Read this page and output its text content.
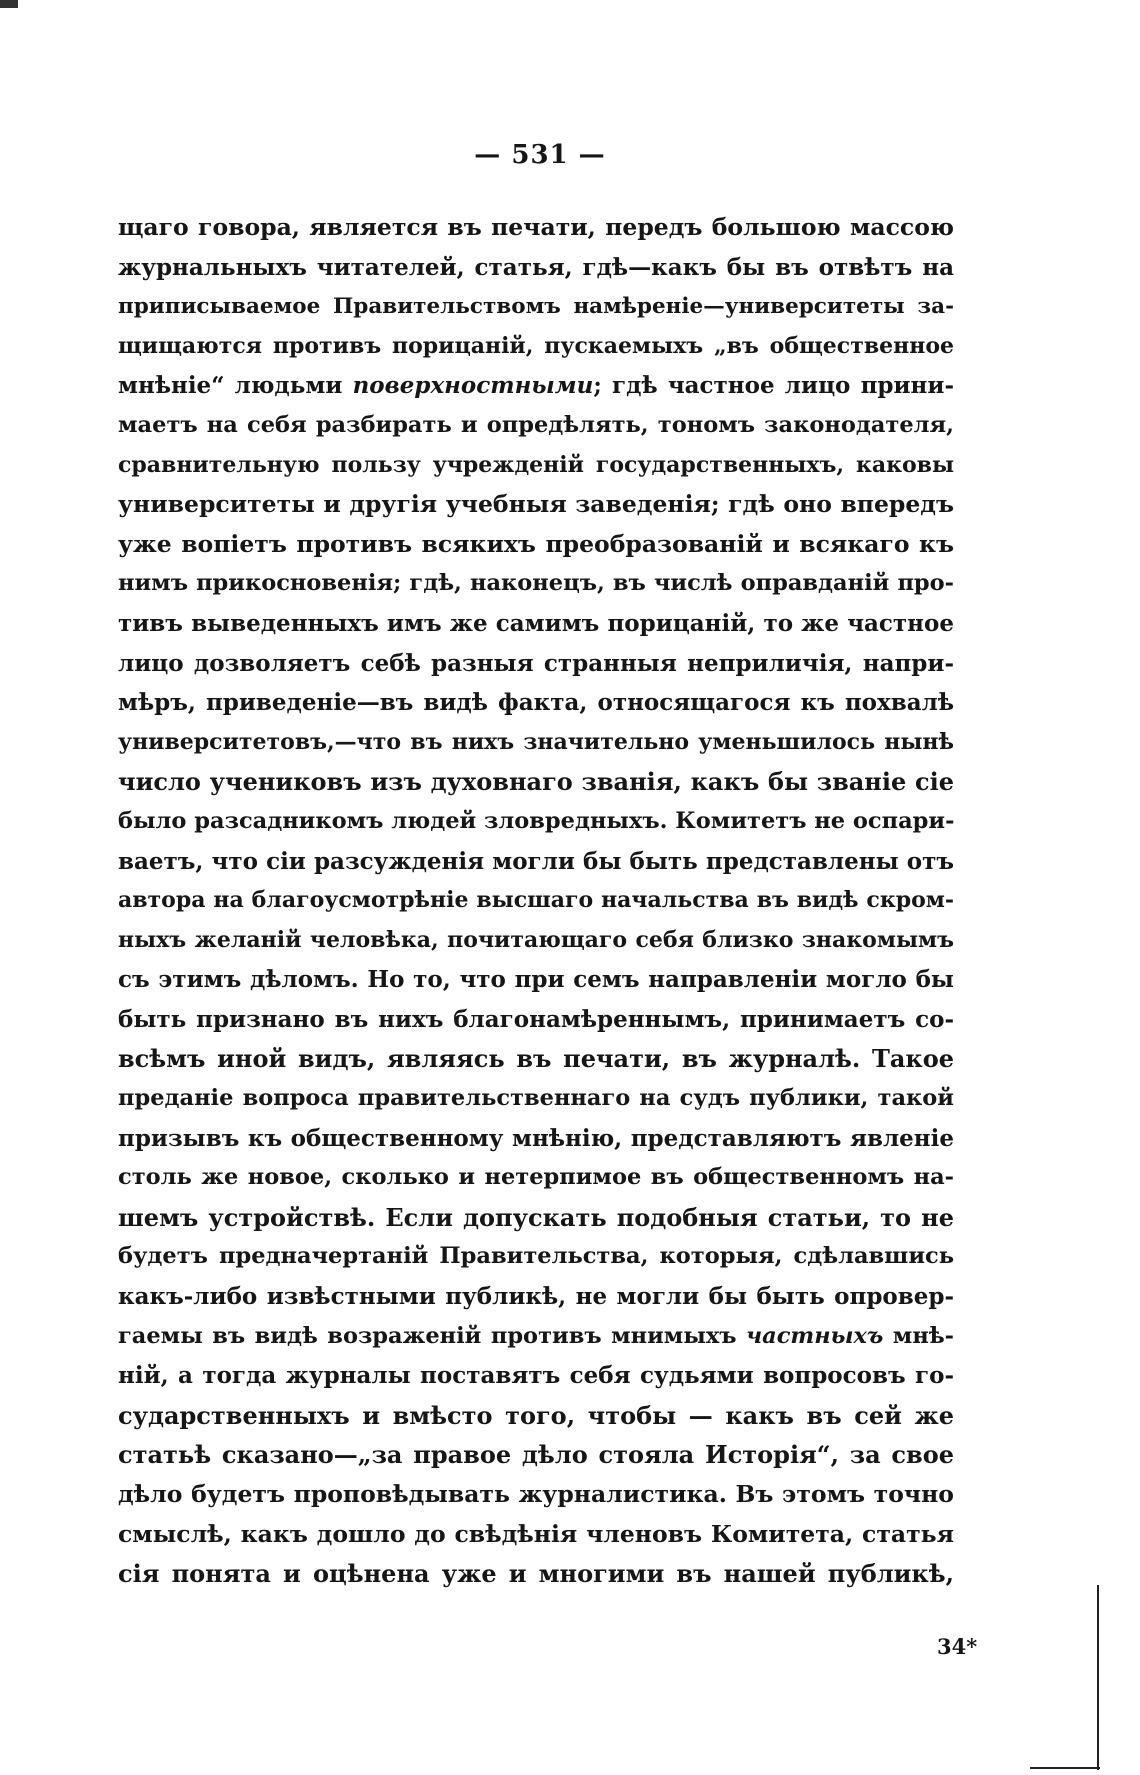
— 531 —
щаго говора, является въ печати, передъ большою массою
журнальныхъ читателей, статья, гдѣ—какъ бы въ отвѣтъ на
приписываемое Правительствомъ намѣреніе—университеты за-
щищаются противъ порицаній, пускаемыхъ „въ общественное
мнѣніе“ людьми поверхностными; гдѣ частное лицо прини-
маетъ на себя разбирать и опредѣлять, тономъ законодателя,
сравнительную пользу учрежденій государственныхъ, каковы
университеты и другія учебныя заведенія; гдѣ оно впередъ
уже вопіетъ противъ всякихъ преобразованій и всякаго къ
нимъ прикосновенія; гдѣ, наконецъ, въ числѣ оправданій про-
тивъ выведенныхъ имъ же самимъ порицаній, то же частное
лицо дозволяетъ себѣ разныя странныя неприличія, напри-
мѣръ, приведеніе—въ видѣ факта, относящагося къ похвалѣ
университетовъ,—что въ нихъ значительно уменьшилось нынѣ
число учениковъ изъ духовнаго званія, какъ бы званіе сіе
было разсадникомъ людей зловредныхъ. Комитетъ не оспари-
ваетъ, что сіи разсужденія могли бы быть представлены отъ
автора на благоусмотрѣніе высшаго начальства въ видѣ скром-
ныхъ желаній человѣка, почитающаго себя близко знакомымъ
съ этимъ дѣломъ. Но то, что при семъ направленіи могло бы
быть признано въ нихъ благонамѣреннымъ, принимаетъ со-
всѣмъ иной видъ, являясь въ печати, въ журналѣ. Такое
преданіе вопроса правительственнаго на судъ публики, такой
призывъ къ общественному мнѣнію, представляютъ явленіе
столь же новое, сколько и нетерпимое въ общественномъ на-
шемъ устройствѣ. Если допускать подобныя статьи, то не
будетъ предначертаній Правительства, которыя, сдѣлавшись
какъ-либо извѣстными публикѣ, не могли бы быть опровер-
гаемы въ видѣ возраженій противъ мнимыхъ частныхъ мнѣ-
ній, а тогда журналы поставятъ себя судьями вопросовъ го-
сударственныхъ и вмѣсто того, чтобы — какъ въ сей же
статьѣ сказано—„за правое дѣло стояла Исторія“, за свое
дѣло будетъ проповѣдывать журналистика. Въ этомъ точно
смыслѣ, какъ дошло до свѣдѣнія членовъ Комитета, статья
сія понята и оцѣнена уже и многими въ нашей публикѣ,
34*
